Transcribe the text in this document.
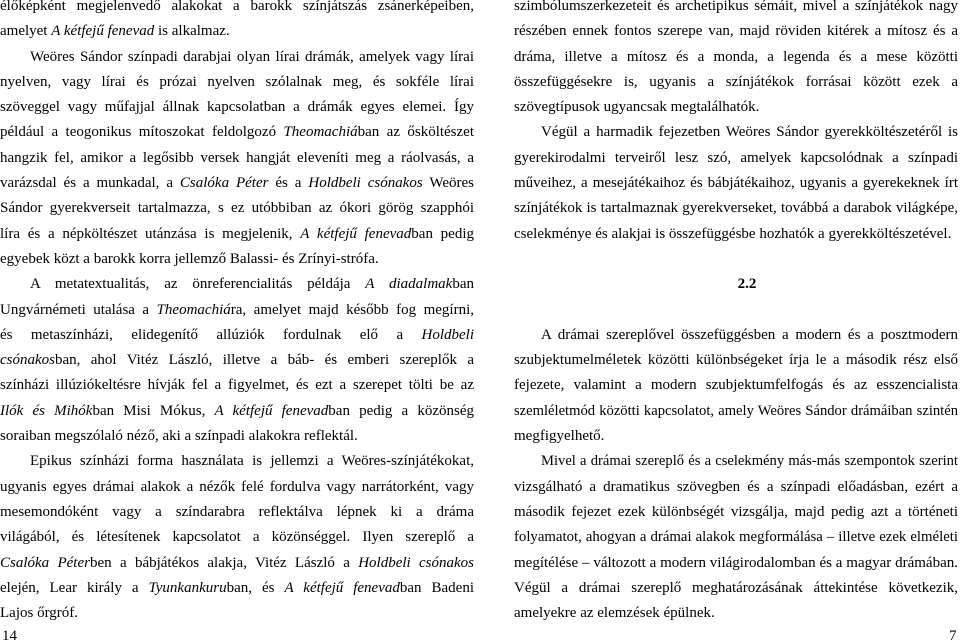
élőképként megjelenvedő alakokat a barokk színjátszás zsánerképeiben,
amelyet A kétfejű fenevad is alkalmaz.
Weöres Sándor színpadi darabjai olyan lírai drámák, amelyek vagy lírai
nyelven, vagy lírai és prózai nyelven szólalnak meg, és sokféle lírai
szöveggel vagy műfajjal állnak kapcsolatban a drámák egyes elemei. Így
például a teogonikus mítoszokat feldolgozó Theomachiában az ősköltészet
hangzik fel, amikor a legősibb versek hangját eleveníti meg a ráolvasás, a
varázsdal és a munkadal, a Csalóka Péter és a Holdbeli csónakos Weöres
Sándor gyerekverseit tartalmazza, s ez utóbbiban az ókori görög szapphói
líra és a népköltészet utánzása is megjelenik, A kétfejű fenevadban pedig
egyebek közt a barokk korra jellemző Balassi- és Zrínyi-strófa.
A metatextualitás, az önreferencialitás példája A diadalmakban
Ungvárnémeti utalása a Theomachiára, amelyet majd később fog megírni,
és metaszínházi, elidegenítő allúziók fordulnak elő a Holdbeli
csónakosban, ahol Vitéz László, illetve a báb- és emberi szereplők a
színházi illúziókeltésre hívják fel a figyelmet, és ezt a szerepet tölti be az
Ilók és Mihókban Misi Mókus, A kétfejű fenevadban pedig a közönség
soraiban megszólaló néző, aki a színpadi alakokra reflektál.
Epikus színházi forma használata is jellemzi a Weöres-színjátékokat,
ugyanis egyes drámai alakok a nézők felé fordulva vagy narrátorként, vagy
mesemondóként vagy a színdarabra reflektálva lépnek ki a dráma
világából, és létesítenek kapcsolatot a közönséggel. Ilyen szereplő a
Csalóka Péterben a bábjátékos alakja, Vitéz László a Holdbeli csónakos
elején, Lear király a Tyunkankuruban, és A kétfejű fenevadban Badeni
Lajos őrgróf.
szimbólumszerkezeteit és archetipikus sémáit, mivel a színjátékok nagy
részében ennek fontos szerepe van, majd röviden kitérek a mítosz és a
dráma, illetve a mítosz és a monda, a legenda és a mese közötti
összefüggésekre is, ugyanis a színjátékok forrásai között ezek a
szövegtípusok ugyancsak megtalálhatók.
Végül a harmadik fejezetben Weöres Sándor gyerekköltészetéről is
gyerekirodalmi terveiről lesz szó, amelyek kapcsolódnak a színpadi
műveihez, a mesejátékaihoz és bábjátékaihoz, ugyanis a gyerekeknek írt
színjátékok is tartalmaznak gyerekverseket, továbbá a darabok világképe,
cselekménye és alakjai is összefüggésbe hozhatók a gyerekköltészetével.
2.2
A drámai szereplővel összefüggésben a modern és a posztmodern
szubjektumelméletek közötti különbségeket írja le a második rész első
fejezete, valamint a modern szubjektumfelfogás és az esszencialista
szemléletmód közötti kapcsolatot, amely Weöres Sándor drámáiban szintén
megfigyelhető.
Mivel a drámai szereplő és a cselekmény más-más szempontok szerint
vizsgálható a dramatikus szövegben és a színpadi előadásban, ezért a
második fejezet ezek különbségét vizsgálja, majd pedig azt a történeti
folyamatot, ahogyan a drámai alakok megformálása – illetve ezek elméleti
megítélése – változott a modern világirodalomban és a magyar drámában.
Végül a drámai szereplő meghatározásának áttekintése következik,
amelyekre az elemzések épülnek.
14	7
